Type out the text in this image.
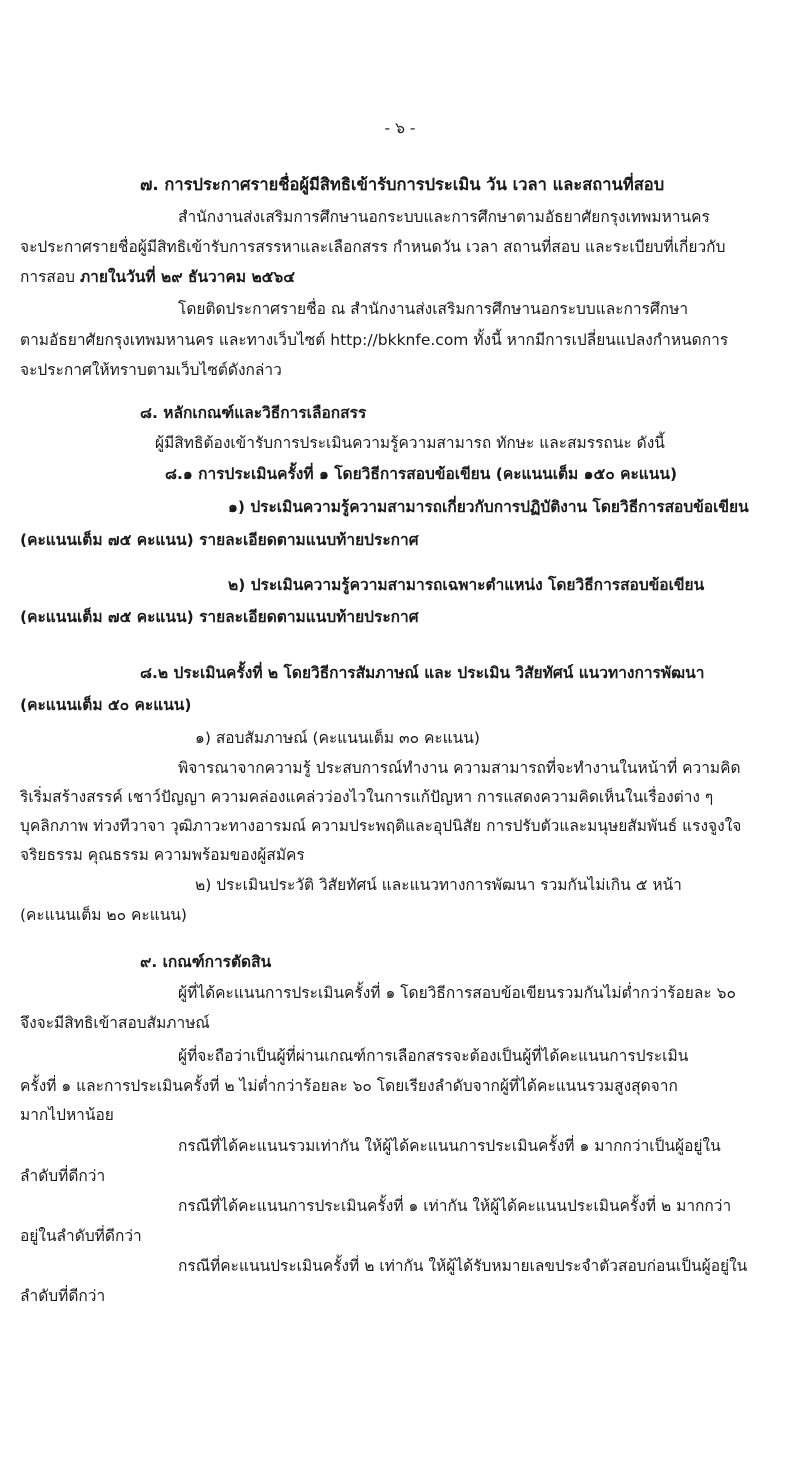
- ๖ -
๗. การประกาศรายชื่อผู้มีสิทธิเข้ารับการประเมิน วัน เวลา และสถานที่สอบ
สำนักงานส่งเสริมการศึกษานอกระบบและการศึกษาตามอัธยาศัยกรุงเทพมหานคร
จะประกาศรายชื่อผู้มีสิทธิเข้ารับการสรรหาและเลือกสรร กำหนดวัน เวลา สถานที่สอบ และระเบียบที่เกี่ยวกับ
การสอบ ภายในวันที่ ๒๙ ธันวาคม ๒๕๖๔
โดยติดประกาศรายชื่อ ณ สำนักงานส่งเสริมการศึกษานอกระบบและการศึกษา
ตามอัธยาศัยกรุงเทพมหานคร และทางเว็บไซต์ http://bkknfe.com ทั้งนี้ หากมีการเปลี่ยนแปลงกำหนดการ
จะประกาศให้ทราบตามเว็บไซต์ดังกล่าว
๘. หลักเกณฑ์และวิธีการเลือกสรร
ผู้มีสิทธิต้องเข้ารับการประเมินความรู้ความสามารถ ทักษะ และสมรรถนะ ดังนี้
๘.๑ การประเมินครั้งที่ ๑ โดยวิธีการสอบข้อเขียน (คะแนนเต็ม ๑๕๐ คะแนน)
๑) ประเมินความรู้ความสามารถเกี่ยวกับการปฏิบัติงาน โดยวิธีการสอบข้อเขียน
(คะแนนเต็ม ๗๕ คะแนน) รายละเอียดตามแนบท้ายประกาศ
๒) ประเมินความรู้ความสามารถเฉพาะตำแหน่ง โดยวิธีการสอบข้อเขียน
(คะแนนเต็ม ๗๕ คะแนน) รายละเอียดตามแนบท้ายประกาศ
๘.๒ ประเมินครั้งที่ ๒ โดยวิธีการสัมภาษณ์ และ ประเมิน วิสัยทัศน์ แนวทางการพัฒนา
(คะแนนเต็ม ๕๐ คะแนน)
๑) สอบสัมภาษณ์ (คะแนนเต็ม ๓๐ คะแนน)
พิจารณาจากความรู้ ประสบการณ์ทำงาน ความสามารถที่จะทำงานในหน้าที่ ความคิด
ริเริ่มสร้างสรรค์ เชาว์ปัญญา ความคล่องแคล่วว่องไวในการแก้ปัญหา การแสดงความคิดเห็นในเรื่องต่าง ๆ
บุคลิกภาพ ท่วงทีวาจา วุฒิภาวะทางอารมณ์ ความประพฤติและอุปนิสัย การปรับตัวและมนุษยสัมพันธ์ แรงจูงใจ
จริยธรรม คุณธรรม ความพร้อมของผู้สมัคร
๒) ประเมินประวัติ วิสัยทัศน์ และแนวทางการพัฒนา รวมกันไม่เกิน ๕ หน้า
(คะแนนเต็ม ๒๐ คะแนน)
๙. เกณฑ์การตัดสิน
ผู้ที่ได้คะแนนการประเมินครั้งที่ ๑ โดยวิธีการสอบข้อเขียนรวมกันไม่ต่ำกว่าร้อยละ ๖๐
จึงจะมีสิทธิเข้าสอบสัมภาษณ์
ผู้ที่จะถือว่าเป็นผู้ที่ผ่านเกณฑ์การเลือกสรรจะต้องเป็นผู้ที่ได้คะแนนการประเมิน
ครั้งที่ ๑ และการประเมินครั้งที่ ๒ ไม่ต่ำกว่าร้อยละ ๖๐ โดยเรียงลำดับจากผู้ที่ได้คะแนนรวมสูงสุดจาก
มากไปหาน้อย
กรณีที่ได้คะแนนรวมเท่ากัน ให้ผู้ได้คะแนนการประเมินครั้งที่ ๑ มากกว่าเป็นผู้อยู่ใน
ลำดับที่ดีกว่า
กรณีที่ได้คะแนนการประเมินครั้งที่ ๑ เท่ากัน ให้ผู้ได้คะแนนประเมินครั้งที่ ๒ มากกว่า
อยู่ในลำดับที่ดีกว่า
กรณีที่คะแนนประเมินครั้งที่ ๒ เท่ากัน ให้ผู้ได้รับหมายเลขประจำตัวสอบก่อนเป็นผู้อยู่ใน
ลำดับที่ดีกว่า
